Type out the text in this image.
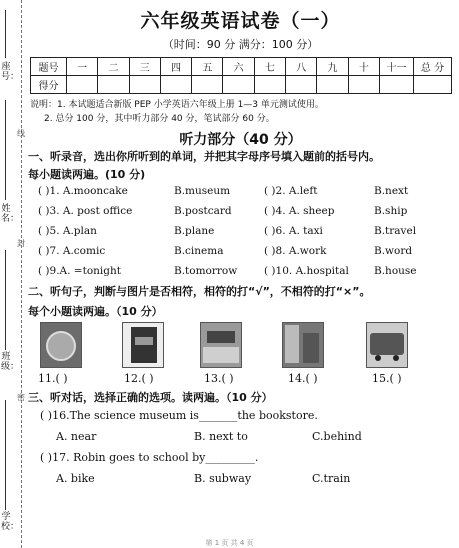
座号：
姓名：
班级：
学校：
线
封
密
六年级英语试卷（一）
（时间：90 分 满分：100 分）
题号	一	二	三	四	五	六	七	八	九	十	十一	总 分
得分												
说明：1. 本试题适合新版 PEP 小学英语六年级上册 1—3 单元测试使用。
2. 总分 100 分，其中听力部分 40 分，笔试部分 60 分。
听力部分（40 分）
一、听录音，选出你所听到的单词，并把其字母序号填入题前的括号内。
每小题读两遍。(10 分)
( )1. A.mooncake	B.museum	( )2. A.left	B.next
( )3. A. post office	B.postcard	( )4. A. sheep	B.ship
( )5. A.plan	B.plane	( )6. A. taxi	B.travel
( )7. A.comic	B.cinema	( )8. A.work	B.word
( )9.A. =tonight	B.tomorrow	( )10. A.hospital B.house
二、听句子，判断与图片是否相符，相符的打“√”，不相符的打“×”。
每个小题读两遍。（10 分）
11.( )	12.( )	13.( )	14.( )	15.( )
三、听对话，选择正确的选项。读两遍。（10 分）
( )16.The science museum is_______the bookstore.
A. near	B. next to	C.behind
( )17. Robin goes to school by_________.
A. bike	B. subway	C.train
第 1 页 共 4 页
